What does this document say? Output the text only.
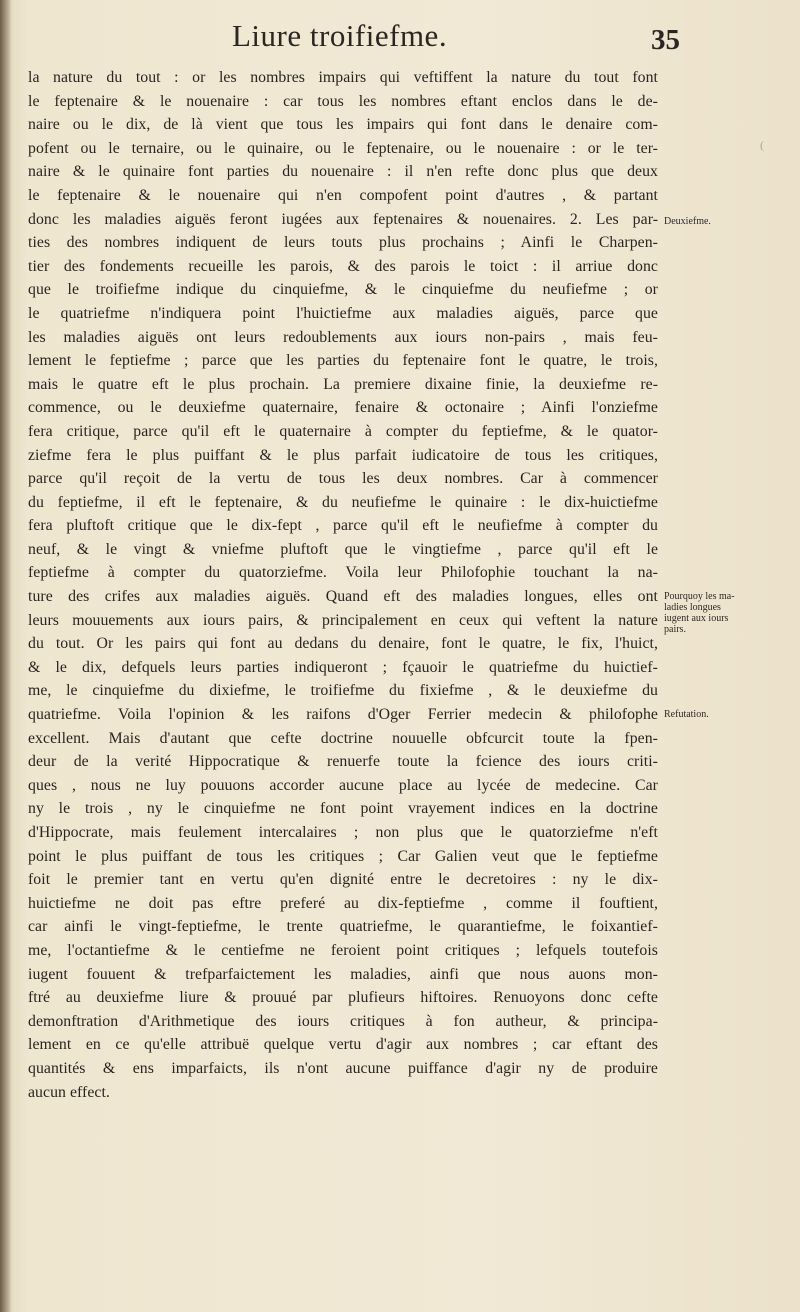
Liure troifiefme.	35
(
la nature du tout : or les nombres impairs qui veftiffent la nature du tout font
le feptenaire & le nouenaire : car tous les nombres eftant enclos dans le de-
naire ou le dix, de là vient que tous les impairs qui font dans le denaire com-
pofent ou le ternaire, ou le quinaire, ou le feptenaire, ou le nouenaire : or le ter-
naire & le quinaire font parties du nouenaire : il n'en refte donc plus que deux
le feptenaire & le nouenaire qui n'en compofent point d'autres , & partant
donc les maladies aiguës feront iugées aux feptenaires & nouenaires. 2. Les par-
ties des nombres indiquent de leurs touts plus prochains ; Ainfi le Charpen-
tier des fondements recueille les parois, & des parois le toict : il arriue donc
que le troifiefme indique du cinquiefme, & le cinquiefme du neufiefme ; or
le quatriefme n'indiquera point l'huictiefme aux maladies aiguës, parce que
les maladies aiguës ont leurs redoublements aux iours non-pairs , mais feu-
lement le feptiefme ; parce que les parties du feptenaire font le quatre, le trois,
mais le quatre eft le plus prochain. La premiere dixaine finie, la deuxiefme re-
commence, ou le deuxiefme quaternaire, fenaire & octonaire ; Ainfi l'onziefme
fera critique, parce qu'il eft le quaternaire à compter du feptiefme, & le quator-
ziefme fera le plus puiffant & le plus parfait iudicatoire de tous les critiques,
parce qu'il reçoit de la vertu de tous les deux nombres. Car à commencer
du feptiefme, il eft le feptenaire, & du neufiefme le quinaire : le dix-huictiefme
fera pluftoft critique que le dix-fept , parce qu'il eft le neufiefme à compter du
neuf, & le vingt & vniefme pluftoft que le vingtiefme , parce qu'il eft le
feptiefme à compter du quatorziefme. Voila leur Philofophie touchant la na-
ture des crifes aux maladies aiguës. Quand eft des maladies longues, elles ont
leurs mouuements aux iours pairs, & principalement en ceux qui veftent la nature
du tout. Or les pairs qui font au dedans du denaire, font le quatre, le fix, l'huict,
& le dix, defquels leurs parties indiqueront ; fçauoir le quatriefme du huictief-
me, le cinquiefme du dixiefme, le troifiefme du fixiefme , & le deuxiefme du
quatriefme. Voila l'opinion & les raifons d'Oger Ferrier medecin & philofophe
excellent. Mais d'autant que cefte doctrine nouuelle obfcurcit toute la fpen-
deur de la verité Hippocratique & renuerfe toute la fcience des iours criti-
ques , nous ne luy pouuons accorder aucune place au lycée de medecine. Car
ny le trois , ny le cinquiefme ne font point vrayement indices en la doctrine
d'Hippocrate, mais feulement intercalaires ; non plus que le quatorziefme n'eft
point le plus puiffant de tous les critiques ; Car Galien veut que le feptiefme
foit le premier tant en vertu qu'en dignité entre le decretoires : ny le dix-
huictiefme ne doit pas eftre preferé au dix-feptiefme , comme il fouftient,
car ainfi le vingt-feptiefme, le trente quatriefme, le quarantiefme, le foixantief-
me, l'octantiefme & le centiefme ne feroient point critiques ; lefquels toutefois
iugent fouuent & trefparfaictement les maladies, ainfi que nous auons mon-
ftré au deuxiefme liure & prouué par plufieurs hiftoires. Renuoyons donc cefte
demonftration d'Arithmetique des iours critiques à fon autheur, & principa-
lement en ce qu'elle attribuë quelque vertu d'agir aux nombres ; car eftant des
quantités & ens imparfaicts, ils n'ont aucune puiffance d'agir ny de produire
aucun effect.
Deuxiefme.
Pourquoy les ma-
ladies longues
iugent aux iours
pairs.
Refutation.
